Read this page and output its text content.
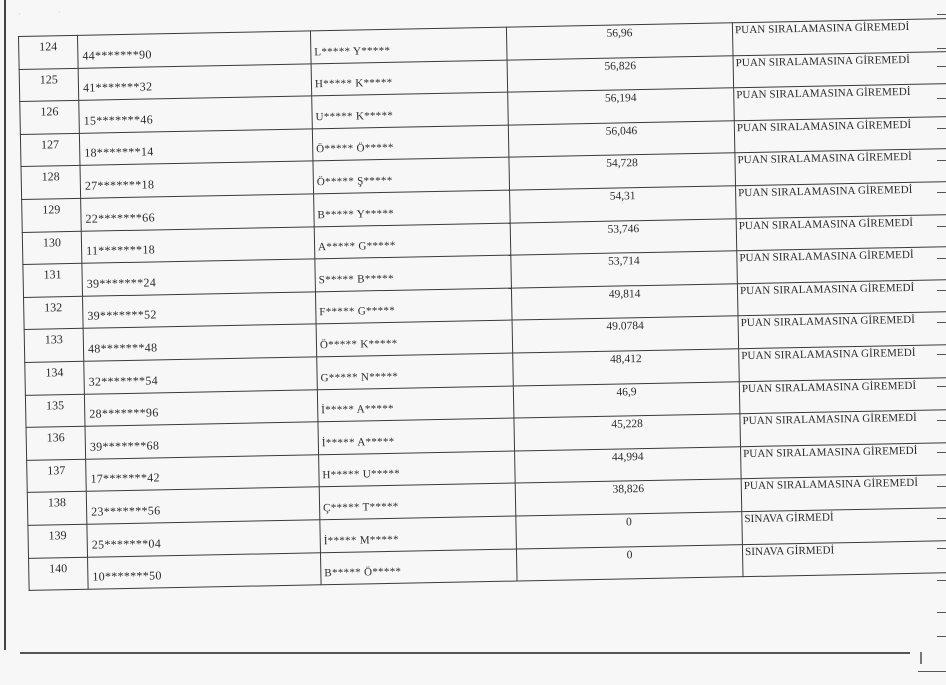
·	·
124	44*******90	L***** Y*****	56,96	PUAN SIRALAMASINA GİREMEDİ

125	41*******32	H***** K*****	56,826	PUAN SIRALAMASINA GİREMEDİ

126	15*******46	U***** K*****	56,194	PUAN SIRALAMASINA GİREMEDİ

127	18*******14	Ö***** Ö*****	56,046	PUAN SIRALAMASINA GİREMEDİ

128	27*******18	Ö***** Ş*****	54,728	PUAN SIRALAMASINA GİREMEDİ

129	22*******66	B***** Y*****	54,31	PUAN SIRALAMASINA GİREMEDİ

130	11*******18	A***** G*****	53,746	PUAN SIRALAMASINA GİREMEDİ

131	39*******24	S***** B*****	53,714	PUAN SIRALAMASINA GİREMEDİ

132	39*******52	F***** G*****	49,814	PUAN SIRALAMASINA GİREMEDİ

133	48*******48	Ö***** K*****	49.0784	PUAN SIRALAMASINA GİREMEDİ

134	32*******54	G***** N*****	48,412	PUAN SIRALAMASINA GİREMEDİ

135	28*******96	İ***** A*****	46,9	PUAN SIRALAMASINA GİREMEDİ

136	39*******68	İ***** A*****	45,228	PUAN SIRALAMASINA GİREMEDİ

137	17*******42	H***** U*****	44,994	PUAN SIRALAMASINA GİREMEDİ

138	23*******56	Ç***** T*****	38,826	PUAN SIRALAMASINA GİREMEDİ

139	25*******04	İ***** M*****	0	SINAVA GİRMEDİ

140	10*******50	B***** Ö*****	0	SINAVA GİRMEDİ
